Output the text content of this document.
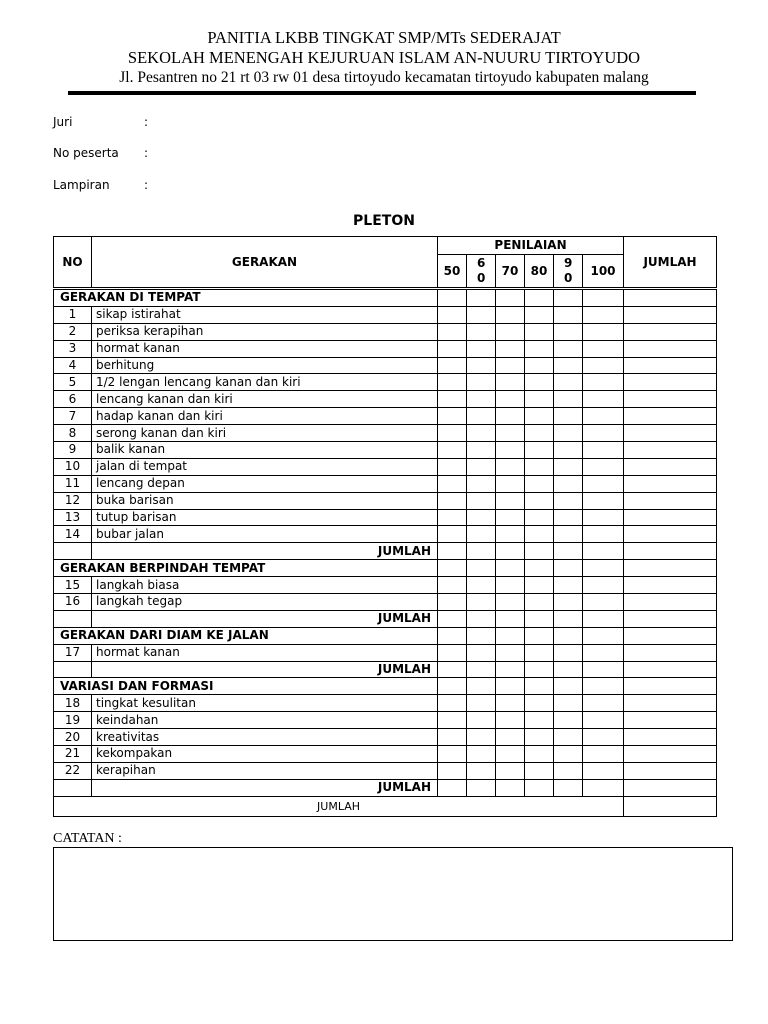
PANITIA LKBB TINGKAT SMP/MTs SEDERAJAT
SEKOLAH MENENGAH KEJURUAN ISLAM AN-NUURU TIRTOYUDO
Jl. Pesantren no 21 rt 03 rw 01 desa tirtoyudo kecamatan tirtoyudo kabupaten malang
Juri	:
No peserta :
Lampiran	:
PLETON
NO	GERAKAN	PENILAIAN						JUMLAH
		50	60	70	80	90	100	
GERAKAN DI TEMPAT								
1	sikap istirahat							
2	periksa kerapihan							
3	hormat kanan							
4	berhitung							
5	1/2 lengan lencang kanan dan kiri							
6	lencang kanan dan kiri							
7	hadap kanan dan kiri							
8	serong kanan dan kiri							
9	balik kanan							
10	jalan di tempat							
11	lencang depan							
12	buka barisan							
13	tutup barisan							
14	bubar jalan							
	JUMLAH							
GERAKAN BERPINDAH TEMPAT								
15	langkah biasa							
16	langkah tegap							
	JUMLAH							
GERAKAN DARI DIAM KE JALAN								
17	hormat kanan							
	JUMLAH							
VARIASI DAN FORMASI								
18	tingkat kesulitan							
19	keindahan							
20	kreativitas							
21	kekompakan							
22	kerapihan							
	JUMLAH							
JUMLAH								
CATATAN :
